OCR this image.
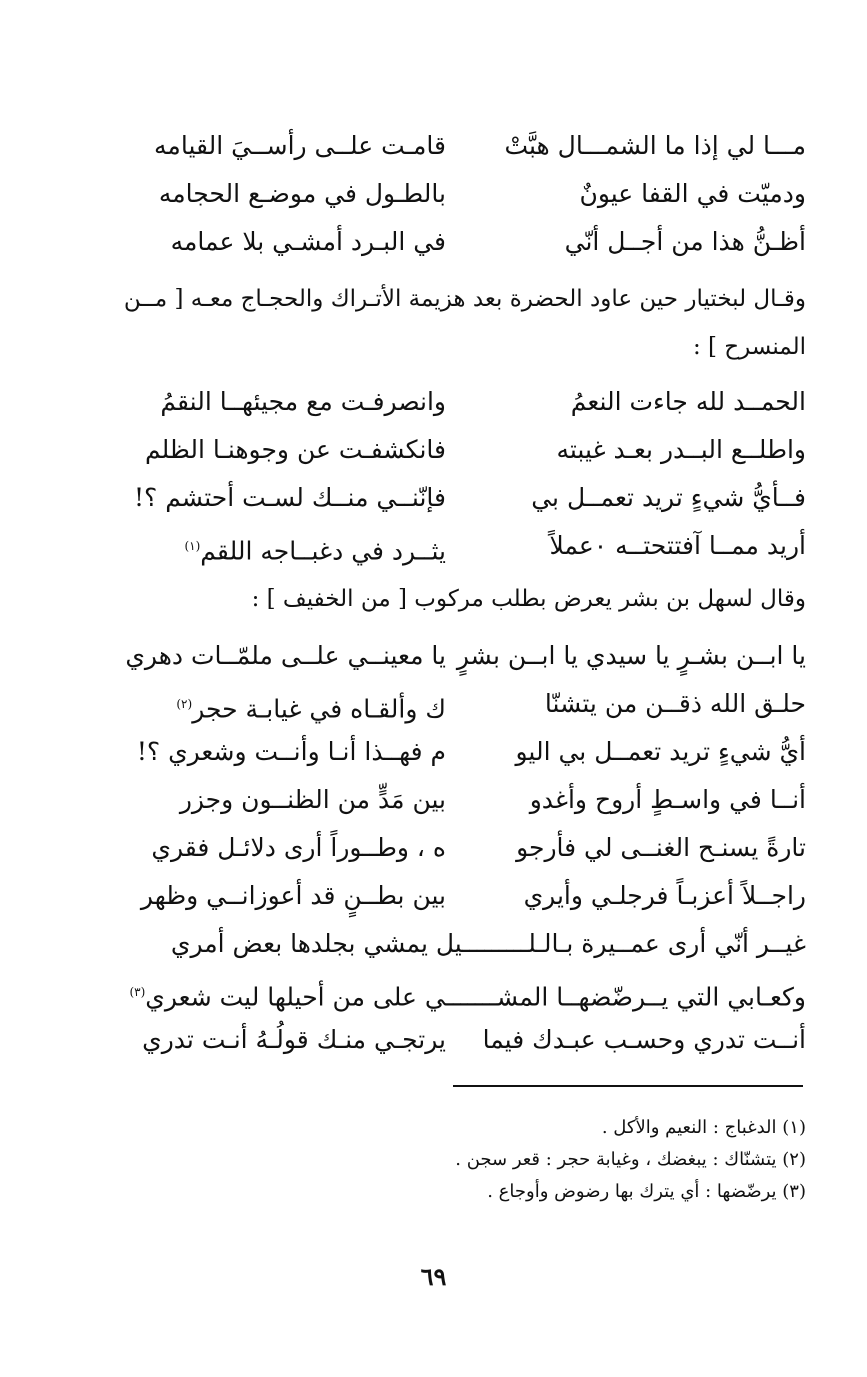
مـــا لي إذا ما الشمـــال هبَّتْ
قامـت علــى رأســيَ القيامه
ودميّت في القفا عيونٌ
بالطـول في موضـع الحجامه
أظـنُّ هذا من أجــل أنّي
في البـرد أمشـي بلا عمامه
وقـال لبختيار حين عاود الحضرة بعد هزيمة الأتـراك والحجـاج معـه [ مــن المنسرح ] :
الحمــد لله جاءت النعمُ
وانصرفـت مع مجيئهــا النقمُ
واطلــع البــدر بعـد غيبته
فانكشفـت عن وجوهنـا الظلم
فــأيُّ شيءٍ تريد تعمــل بي
فإنّنــي منــك لسـت أحتشم ؟!
أريد ممــا آفتتحتــه ٠عملاً
يثــرد في دغبــاجه اللقم$^{(١)}$
وقال لسهل بن بشر يعرض بطلب مركوب [ من الخفيف ] :
يا ابــن بشـرٍ يا سيدي يا ابــن بشرٍ
يا معينــي علــى ملمّــات دهري
حلـق الله ذقــن من يتشنّا
ك وألقـاه في غيابـة حجر$^{(٢)}$
أيُّ شيءٍ تريد تعمــل بي اليو
م فهــذا أنـا وأنــت وشعري ؟!
أنــا في واسـطٍ أروح وأغدو
بين مَدٍّ من الظنــون وجزر
تارةً يسنـح الغنــى لي فأرجو
ه ، وطــوراً أرى دلائـل فقري
راجــلاً أعزبـاً فرجلـي وأيري
بين بطــنٍ قد أعوزانــي وظهر
غيــر أنّي أرى عمــيرة بـالـلـــــــــيل يمشي بجلدها بعض أمري
وكعـابي التي يــرضّضهــا المشـــــــي على من أحيلها ليت شعري$^{(٣)}$
أنــت تدري وحسـب عبـدك فيما
يرتجـي منـك قولُـهُ أنـت تدري
(١) الدغباج : النعيم والأكل .
(٢) يتشنّاك : يبغضك ، وغيابة حجر : قعر سجن .
(٣) يرضّضها : أي يترك بها رضوض وأوجاع .
٦٩
